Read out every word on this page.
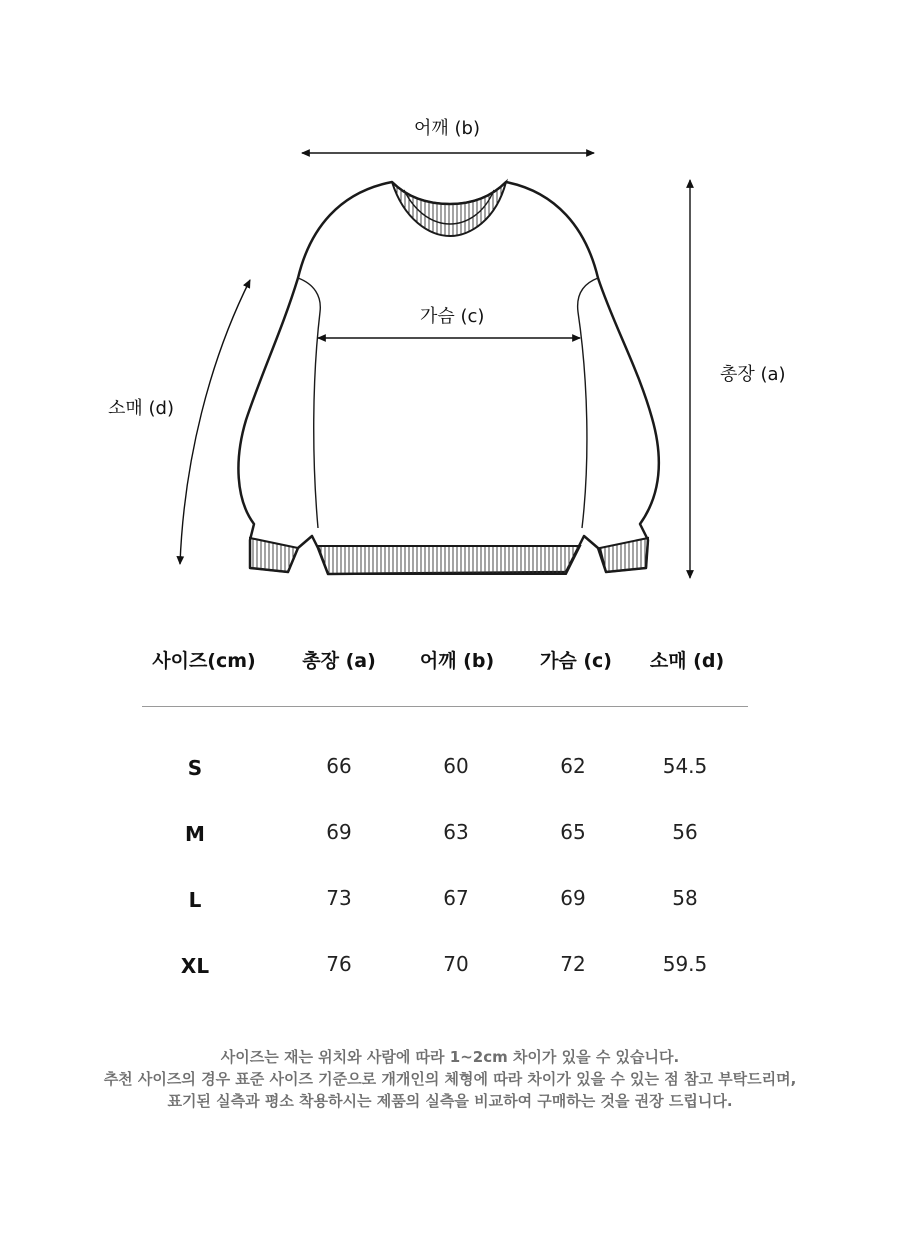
어깨 (b)
가슴 (c)
총장 (a)
소매 (d)
사이즈(cm) 총장 (a) 어깨 (b) 가슴 (c) 소매 (d)
S	66	60	62	54.5
M	69	63	65	56
L	73	67	69	58
XL	76	70	72	59.5
사이즈는 재는 위치와 사람에 따라 1~2cm 차이가 있을 수 있습니다.
추천 사이즈의 경우 표준 사이즈 기준으로 개개인의 체형에 따라 차이가 있을 수 있는 점 참고 부탁드리며,
표기된 실측과 평소 착용하시는 제품의 실측을 비교하여 구매하는 것을 권장 드립니다.
